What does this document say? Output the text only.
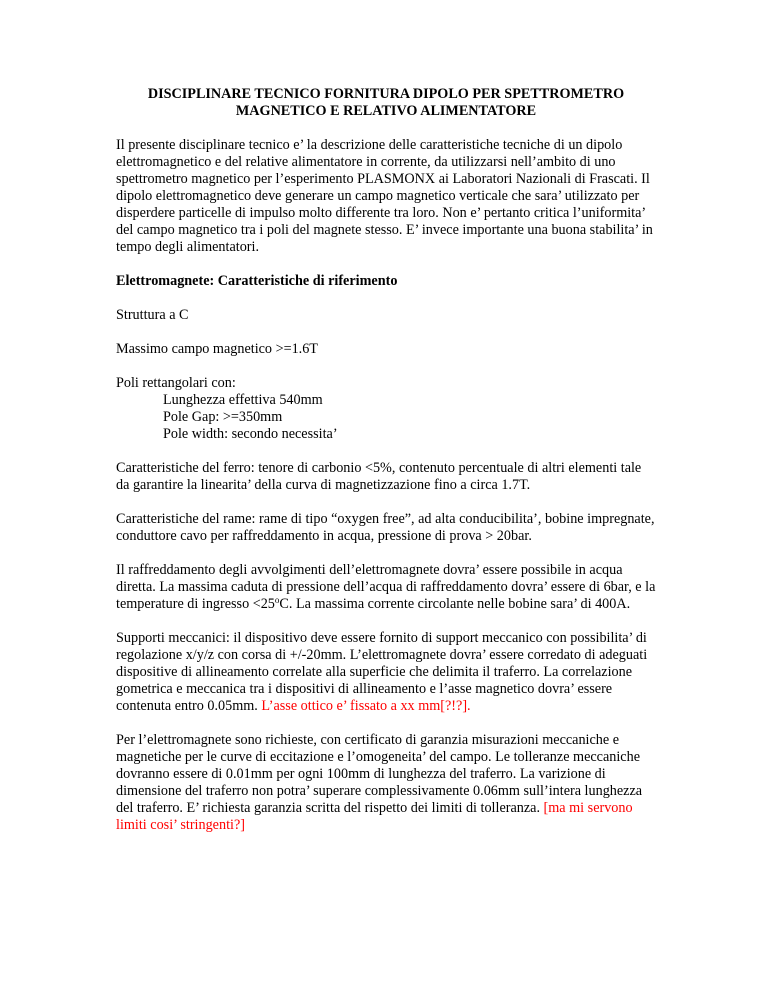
DISCIPLINARE TECNICO FORNITURA DIPOLO PER SPETTROMETRO
MAGNETICO E RELATIVO ALIMENTATORE

Il presente disciplinare tecnico e’ la descrizione delle caratteristiche tecniche di un dipolo elettromagnetico e del relative alimentatore in corrente, da utilizzarsi nell’ambito di uno spettrometro magnetico per l’esperimento PLASMONX ai Laboratori Nazionali di Frascati. Il dipolo elettromagnetico deve generare un campo magnetico verticale che sara’ utilizzato per disperdere particelle di impulso molto differente tra loro. Non e’ pertanto critica l’uniformita’ del campo magnetico tra i poli del magnete stesso. E’ invece importante una buona stabilita’ in tempo degli alimentatori.

Elettromagnete: Caratteristiche di riferimento

Struttura a C

Massimo campo magnetico >=1.6T

Poli rettangolari con:
Lunghezza effettiva 540mm
Pole Gap: >=350mm
Pole width: secondo necessita’

Caratteristiche del ferro: tenore di carbonio <5%, contenuto percentuale di altri elementi tale da garantire la linearita’ della curva di magnetizzazione fino a circa 1.7T.

Caratteristiche del rame: rame di tipo “oxygen free”, ad alta conducibilita’, bobine impregnate, conduttore cavo per raffreddamento in acqua, pressione di prova > 20bar.

Il raffreddamento degli avvolgimenti dell’elettromagnete dovra’ essere possibile in acqua diretta. La massima caduta di pressione dell’acqua di raffreddamento dovra’ essere di 6bar, e la temperature di ingresso $<25^oC$. La massima corrente circolante nelle bobine sara’ di 400A.

Supporti meccanici: il dispositivo deve essere fornito di support meccanico con possibilita’ di regolazione x/y/z con corsa di +/-20mm. L’elettromagnete dovra’ essere corredato di adeguati dispositive di allineamento correlate alla superficie che delimita il traferro. La correlazione gometrica e meccanica tra i dispositivi di allineamento e l’asse magnetico dovra’ essere contenuta entro 0.05mm. L’asse ottico e’ fissato a xx mm[?!?].

Per l’elettromagnete sono richieste, con certificato di garanzia misurazioni meccaniche e magnetiche per le curve di eccitazione e l’omogeneita’ del campo. Le tolleranze meccaniche dovranno essere di 0.01mm per ogni 100mm di lunghezza del traferro. La varizione di dimensione del traferro non potra’ superare complessivamente 0.06mm sull’intera lunghezza del traferro. E’ richiesta garanzia scritta del rispetto dei limiti di tolleranza. [ma mi servono limiti cosi’ stringenti?]
